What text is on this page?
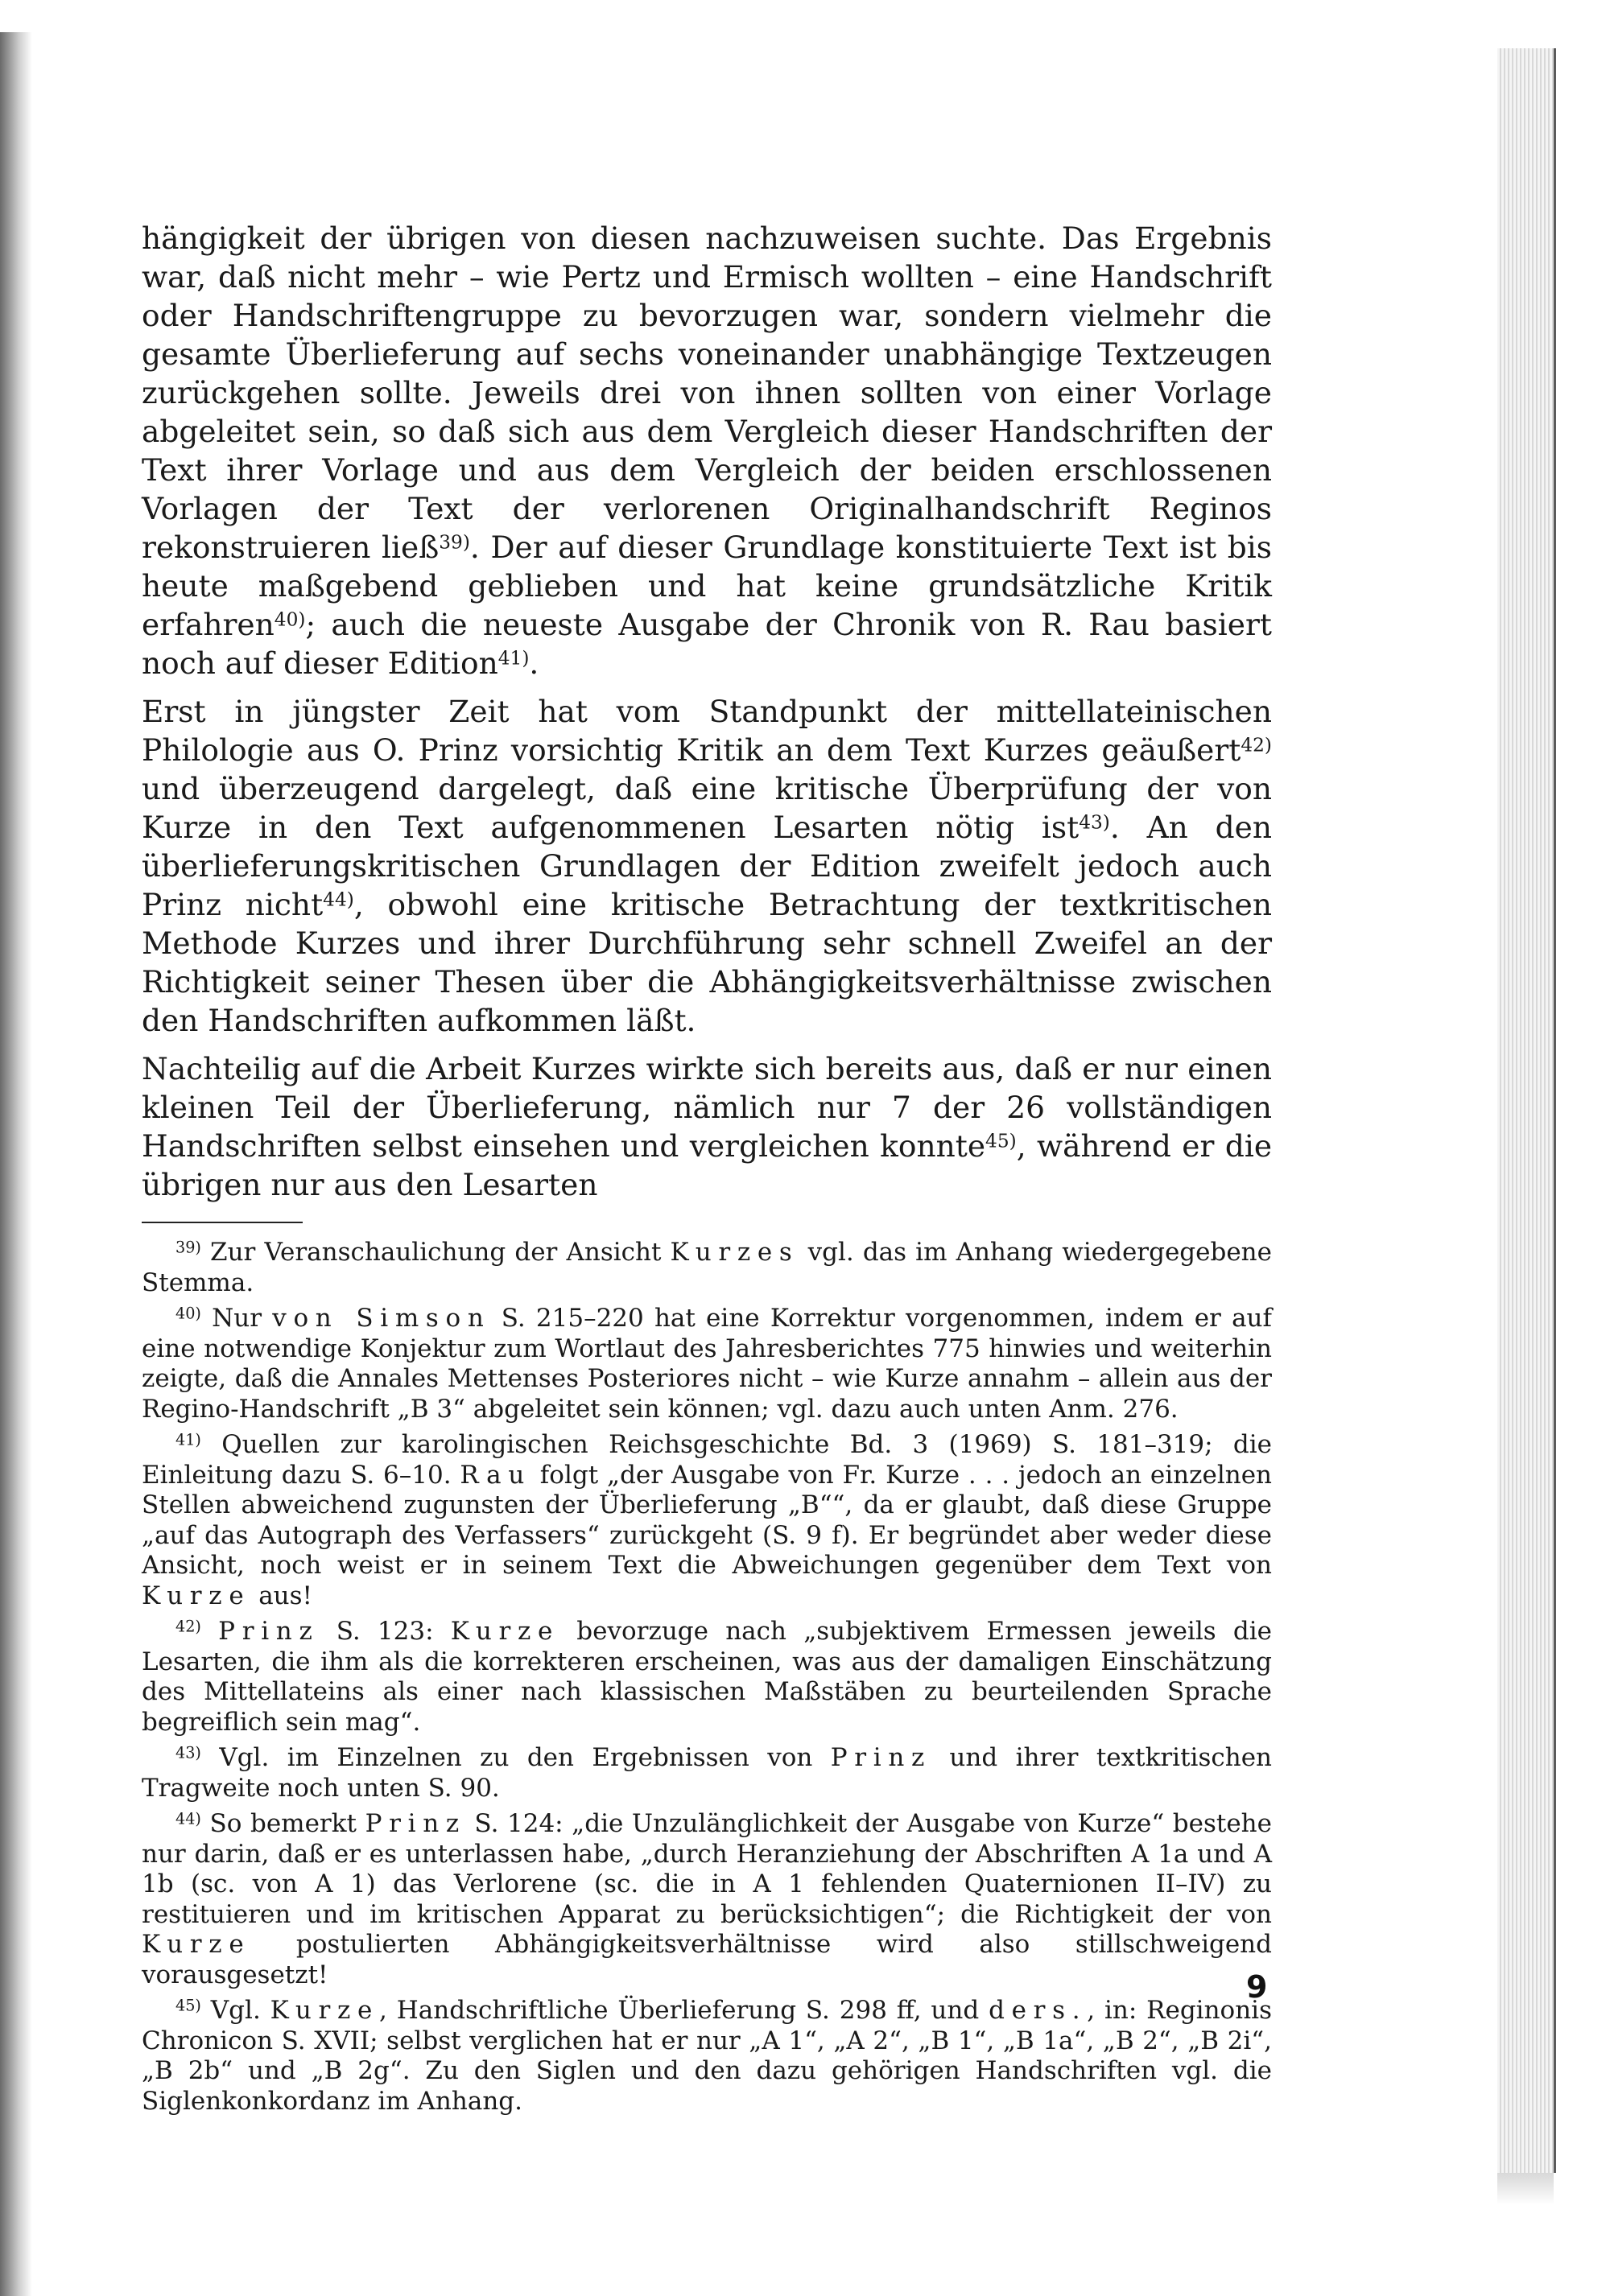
hängigkeit der übrigen von diesen nachzuweisen suchte. Das Ergebnis war, daß nicht mehr – wie Pertz und Ermisch wollten – eine Handschrift oder Handschriftengruppe zu bevorzugen war, sondern vielmehr die gesamte Überlieferung auf sechs voneinander unabhängige Textzeugen zurückgehen sollte. Jeweils drei von ihnen sollten von einer Vorlage abgeleitet sein, so daß sich aus dem Vergleich dieser Handschriften der Text ihrer Vorlage und aus dem Vergleich der beiden erschlossenen Vorlagen der Text der verlorenen Originalhandschrift Reginos rekonstruieren ließ$^{39)}$. Der auf dieser Grundlage konstituierte Text ist bis heute maßgebend geblieben und hat keine grundsätzliche Kritik erfahren$^{40)}$; auch die neueste Ausgabe der Chronik von R. Rau basiert noch auf dieser Edition$^{41)}$.

Erst in jüngster Zeit hat vom Standpunkt der mittellateinischen Philologie aus O. Prinz vorsichtig Kritik an dem Text Kurzes geäußert$^{42)}$ und überzeugend dargelegt, daß eine kritische Überprüfung der von Kurze in den Text aufgenommenen Lesarten nötig ist$^{43)}$. An den überlieferungskritischen Grundlagen der Edition zweifelt jedoch auch Prinz nicht$^{44)}$, obwohl eine kritische Betrachtung der textkritischen Methode Kurzes und ihrer Durchführung sehr schnell Zweifel an der Richtigkeit seiner Thesen über die Abhängigkeitsverhältnisse zwischen den Handschriften aufkommen läßt.

Nachteilig auf die Arbeit Kurzes wirkte sich bereits aus, daß er nur einen kleinen Teil der Überlieferung, nämlich nur 7 der 26 vollständigen Handschriften selbst einsehen und vergleichen konnte$^{45)}$, während er die übrigen nur aus den Lesarten

$^{39)}$ Zur Veranschaulichung der Ansicht Kurzes vgl. das im Anhang wiedergegebene Stemma.

$^{40)}$ Nur von Simson S. 215–220 hat eine Korrektur vorgenommen, indem er auf eine notwendige Konjektur zum Wortlaut des Jahresberichtes 775 hinwies und weiterhin zeigte, daß die Annales Mettenses Posteriores nicht – wie Kurze annahm – allein aus der Regino-Handschrift „B 3“ abgeleitet sein können; vgl. dazu auch unten Anm. 276.

$^{41)}$ Quellen zur karolingischen Reichsgeschichte Bd. 3 (1969) S. 181–319; die Einleitung dazu S. 6–10. Rau folgt „der Ausgabe von Fr. Kurze . . . jedoch an einzelnen Stellen abweichend zugunsten der Überlieferung „B““, da er glaubt, daß diese Gruppe „auf das Autograph des Verfassers“ zurückgeht (S. 9 f). Er begründet aber weder diese Ansicht, noch weist er in seinem Text die Abweichungen gegenüber dem Text von Kurze aus!

$^{42)}$ Prinz S. 123: Kurze bevorzuge nach „subjektivem Ermessen jeweils die Lesarten, die ihm als die korrekteren erscheinen, was aus der damaligen Einschätzung des Mittellateins als einer nach klassischen Maßstäben zu beurteilenden Sprache begreiflich sein mag“.

$^{43)}$ Vgl. im Einzelnen zu den Ergebnissen von Prinz und ihrer textkritischen Tragweite noch unten S. 90.

$^{44)}$ So bemerkt Prinz S. 124: „die Unzulänglichkeit der Ausgabe von Kurze“ bestehe nur darin, daß er es unterlassen habe, „durch Heranziehung der Abschriften A 1a und A 1b (sc. von A 1) das Verlorene (sc. die in A 1 fehlenden Quaternionen II–IV) zu restituieren und im kritischen Apparat zu berücksichtigen“; die Richtigkeit der von Kurze postulierten Abhängigkeitsverhältnisse wird also stillschweigend vorausgesetzt!

$^{45)}$ Vgl. Kurze, Handschriftliche Überlieferung S. 298 ff, und ders., in: Reginonis Chronicon S. XVII; selbst verglichen hat er nur „A 1“, „A 2“, „B 1“, „B 1a“, „B 2“, „B 2i“, „B 2b“ und „B 2g“. Zu den Siglen und den dazu gehörigen Handschriften vgl. die Siglenkonkordanz im Anhang.

9
